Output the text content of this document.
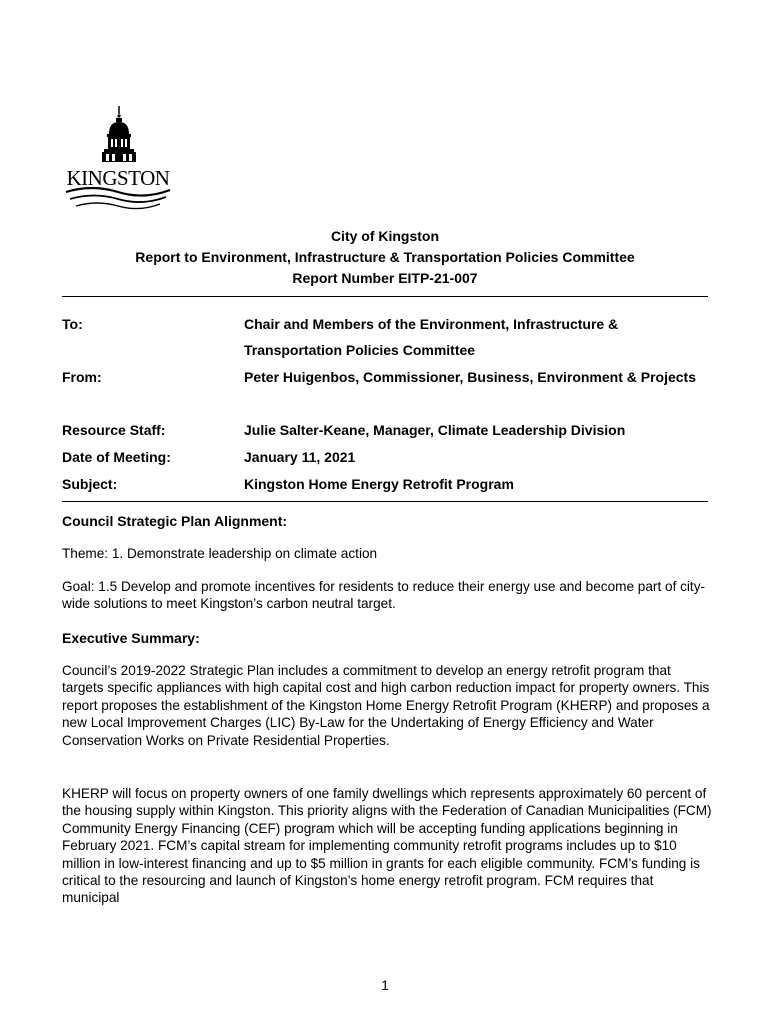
KINGSTON
City of Kingston
Report to Environment, Infrastructure & Transportation Policies Committee
Report Number EITP-21-007
To:	Chair and Members of the Environment, Infrastructure & Transportation Policies Committee
From:	Peter Huigenbos, Commissioner, Business, Environment & Projects
Resource Staff:	Julie Salter-Keane, Manager, Climate Leadership Division
Date of Meeting:	January 11, 2021
Subject:	Kingston Home Energy Retrofit Program
Council Strategic Plan Alignment:
Theme: 1. Demonstrate leadership on climate action
Goal: 1.5 Develop and promote incentives for residents to reduce their energy use and become part of city-wide solutions to meet Kingston’s carbon neutral target.
Executive Summary:
Council’s 2019-2022 Strategic Plan includes a commitment to develop an energy retrofit program that targets specific appliances with high capital cost and high carbon reduction impact for property owners. This report proposes the establishment of the Kingston Home Energy Retrofit Program (KHERP) and proposes a new Local Improvement Charges (LIC) By-Law for the Undertaking of Energy Efficiency and Water Conservation Works on Private Residential Properties.
KHERP will focus on property owners of one family dwellings which represents approximately 60 percent of the housing supply within Kingston. This priority aligns with the Federation of Canadian Municipalities (FCM) Community Energy Financing (CEF) program which will be accepting funding applications beginning in February 2021. FCM’s capital stream for implementing community retrofit programs includes up to $10 million in low-interest financing and up to $5 million in grants for each eligible community. FCM’s funding is critical to the resourcing and launch of Kingston’s home energy retrofit program. FCM requires that municipal
1
